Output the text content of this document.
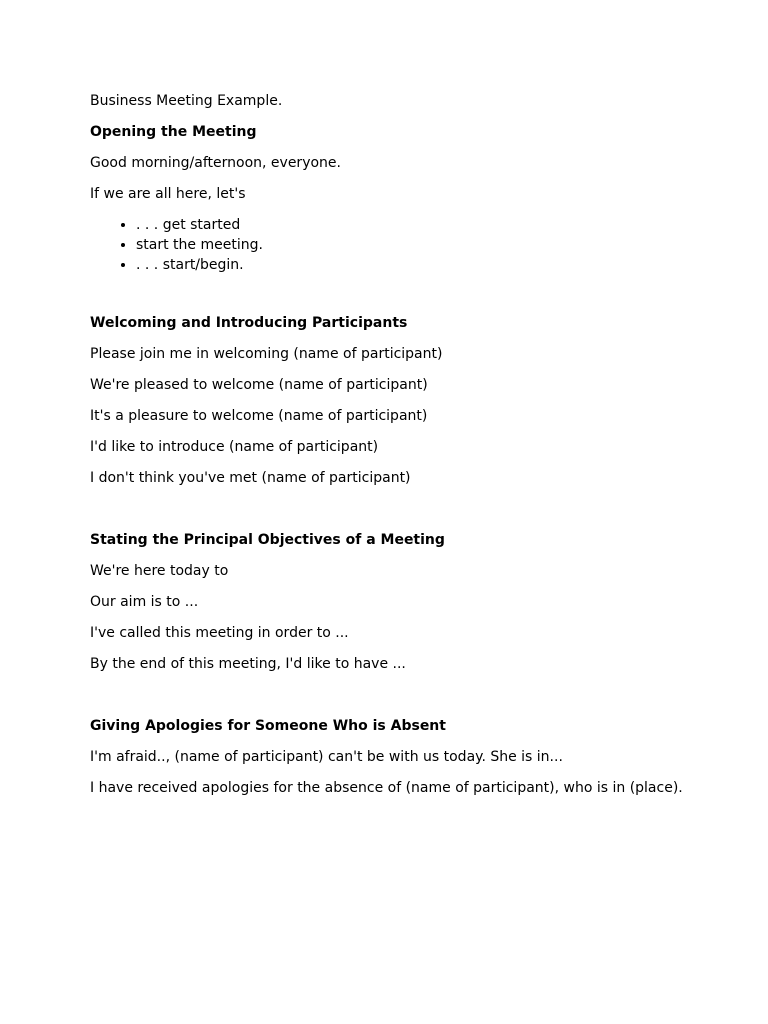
Business Meeting Example.

Opening the Meeting

Good morning/afternoon, everyone.

If we are all here, let's

• . . . get started
• start the meeting.
• . . . start/begin.
Welcoming and Introducing Participants

Please join me in welcoming (name of participant)

We're pleased to welcome (name of participant)

It's a pleasure to welcome (name of participant)

I'd like to introduce (name of participant)

I don't think you've met (name of participant)

Stating the Principal Objectives of a Meeting

We're here today to

Our aim is to ...

I've called this meeting in order to ...

By the end of this meeting, I'd like to have ...

Giving Apologies for Someone Who is Absent

I'm afraid.., (name of participant) can't be with us today. She is in...

I have received apologies for the absence of (name of participant), who is in (place).
